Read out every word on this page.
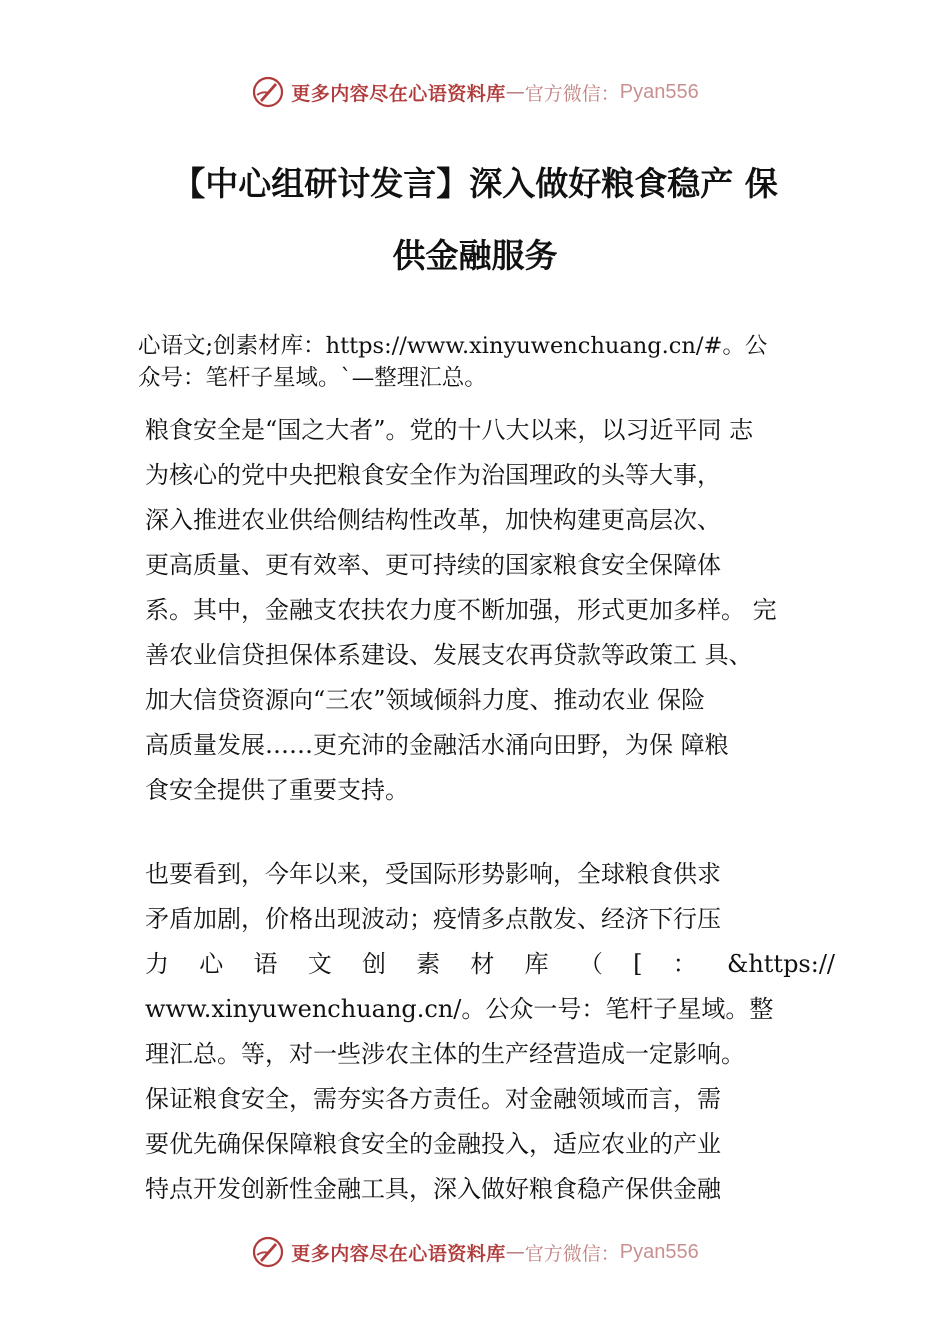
更多内容尽在心语资料库 — 官方微信： Pyan556
【中心组研讨发言】深入做好粮食稳产 保
供金融服务
心语文;创素材库：https://www.xinyuwenchuang.cn/#。公
众号：笔杆子星域。`—整理汇总。
粮食安全是“国之大者”。党的十八大以来，以习近平同 志
为核心的党中央把粮食安全作为治国理政的头等大事，
深入推进农业供给侧结构性改革，加快构建更高层次、
更高质量、更有效率、更可持续的国家粮食安全保障体
系。其中，金融支农扶农力度不断加强，形式更加多样。 完
善农业信贷担保体系建设、发展支农再贷款等政策工 具、
加大信贷资源向“三农”领域倾斜力度、推动农业 保险
高质量发展……更充沛的金融活水涌向田野，为保 障粮
食安全提供了重要支持。
也要看到，今年以来，受国际形势影响，全球粮食供求
矛盾加剧，价格出现波动；疫情多点散发、经济下行压
力 心 语 文 创 素 材 库 （ [ ： &https://
www.xinyuwenchuang.cn/。公众一号：笔杆子星域。整
理汇总。等，对一些涉农主体的生产经营造成一定影响。
保证粮食安全，需夯实各方责任。对金融领域而言，需
要优先确保保障粮食安全的金融投入，适应农业的产业
特点开发创新性金融工具，深入做好粮食稳产保供金融
更多内容尽在心语资料库 — 官方微信： Pyan556
